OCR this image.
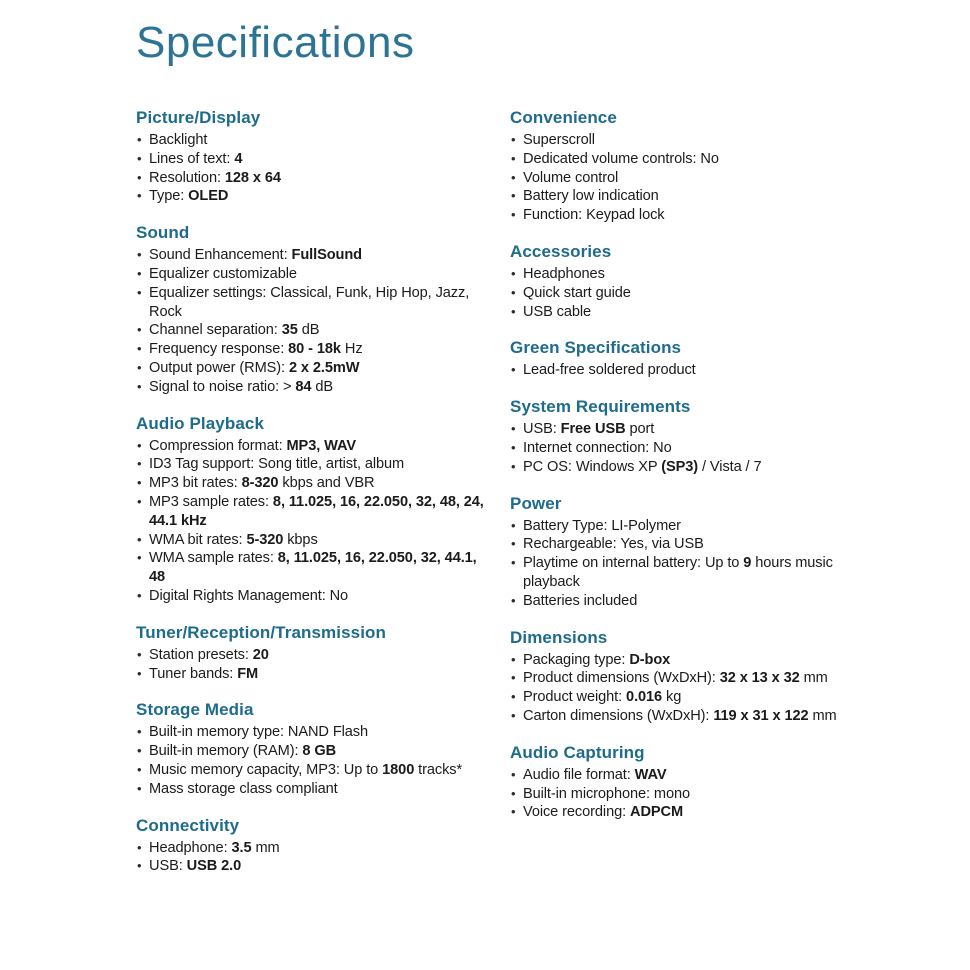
Specifications
Picture/Display
• Backlight
• Lines of text: 4
• Resolution: 128 x 64
• Type: OLED
Sound
• Sound Enhancement: FullSound
• Equalizer customizable
• Equalizer settings: Classical, Funk, Hip Hop, Jazz, Rock
• Channel separation: 35 dB
• Frequency response: 80 - 18k Hz
• Output power (RMS): 2 x 2.5mW
• Signal to noise ratio: > 84 dB
Audio Playback
• Compression format: MP3, WAV
• ID3 Tag support: Song title, artist, album
• MP3 bit rates: 8-320 kbps and VBR
• MP3 sample rates: 8, 11.025, 16, 22.050, 32, 48, 24, 44.1 kHz
• WMA bit rates: 5-320 kbps
• WMA sample rates: 8, 11.025, 16, 22.050, 32, 44.1, 48
• Digital Rights Management: No
Tuner/Reception/Transmission
• Station presets: 20
• Tuner bands: FM
Storage Media
• Built-in memory type: NAND Flash
• Built-in memory (RAM): 8 GB
• Music memory capacity, MP3: Up to 1800 tracks*
• Mass storage class compliant
Connectivity
• Headphone: 3.5 mm
• USB: USB 2.0
Convenience
• Superscroll
• Dedicated volume controls: No
• Volume control
• Battery low indication
• Function: Keypad lock
Accessories
• Headphones
• Quick start guide
• USB cable
Green Specifications
• Lead-free soldered product
System Requirements
• USB: Free USB port
• Internet connection: No
• PC OS: Windows XP (SP3) / Vista / 7
Power
• Battery Type: LI-Polymer
• Rechargeable: Yes, via USB
• Playtime on internal battery: Up to 9 hours music playback
• Batteries included
Dimensions
• Packaging type: D-box
• Product dimensions (WxDxH): 32 x 13 x 32 mm
• Product weight: 0.016 kg
• Carton dimensions (WxDxH): 119 x 31 x 122 mm
Audio Capturing
• Audio file format: WAV
• Built-in microphone: mono
• Voice recording: ADPCM
